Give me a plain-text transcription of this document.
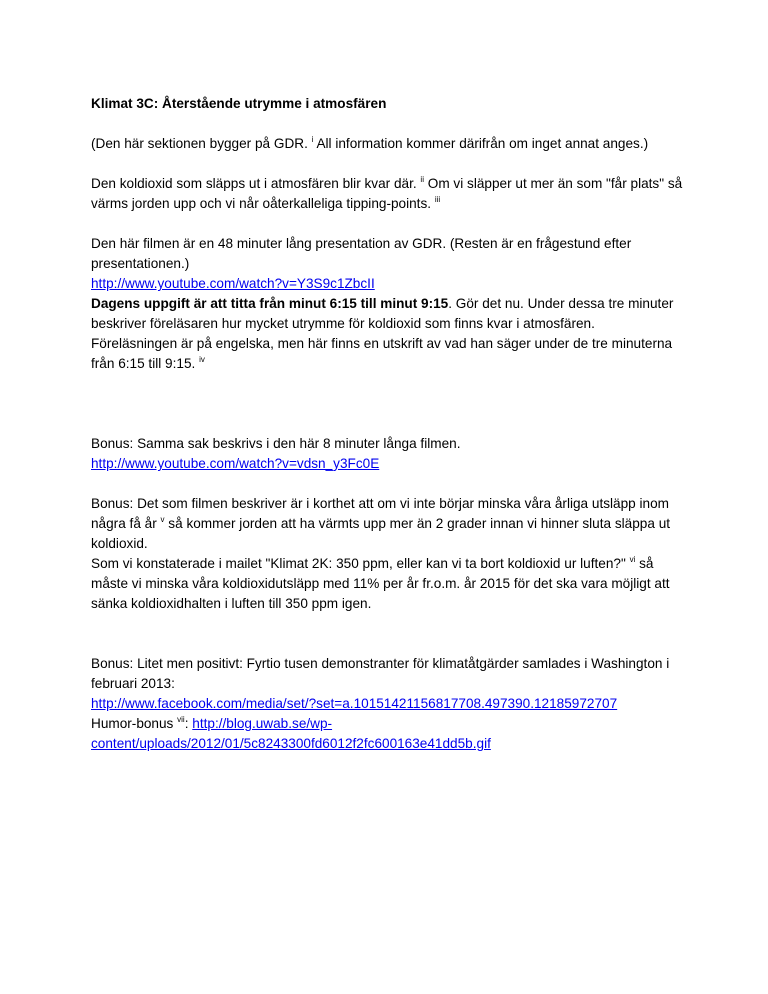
Klimat 3C: Återstående utrymme i atmosfären

(Den här sektionen bygger på GDR. $^i$ All information kommer därifrån om inget annat anges.)

Den koldioxid som släpps ut i atmosfären blir kvar där. $^{ii}$ Om vi släpper ut mer än som "får plats" så värms jorden upp och vi når oåterkalleliga tipping-points. $^{iii}$

Den här filmen är en 48 minuter lång presentation av GDR. (Resten är en frågestund efter presentationen.)
http://www.youtube.com/watch?v=Y3S9c1ZbcII
Dagens uppgift är att titta från minut 6:15 till minut 9:15. Gör det nu. Under dessa tre minuter beskriver föreläsaren hur mycket utrymme för koldioxid som finns kvar i atmosfären.
Föreläsningen är på engelska, men här finns en utskrift av vad han säger under de tre minuterna från 6:15 till 9:15. $^{iv}$

Bonus: Samma sak beskrivs i den här 8 minuter långa filmen.
http://www.youtube.com/watch?v=vdsn_y3Fc0E

Bonus: Det som filmen beskriver är i korthet att om vi inte börjar minska våra årliga utsläpp inom några få år $^v$ så kommer jorden att ha värmts upp mer än 2 grader innan vi hinner sluta släppa ut koldioxid.
Som vi konstaterade i mailet "Klimat 2K: 350 ppm, eller kan vi ta bort koldioxid ur luften?" $^{vi}$ så måste vi minska våra koldioxidutsläpp med 11% per år fr.o.m. år 2015 för det ska vara möjligt att sänka koldioxidhalten i luften till 350 ppm igen.

Bonus: Litet men positivt: Fyrtio tusen demonstranter för klimatåtgärder samlades i Washington i februari 2013:
http://www.facebook.com/media/set/?set=a.10151421156817708.497390.12185972707
Humor-bonus $^{vii}$: http://blog.uwab.se/wp-
content/uploads/2012/01/5c8243300fd6012f2fc600163e41dd5b.gif
